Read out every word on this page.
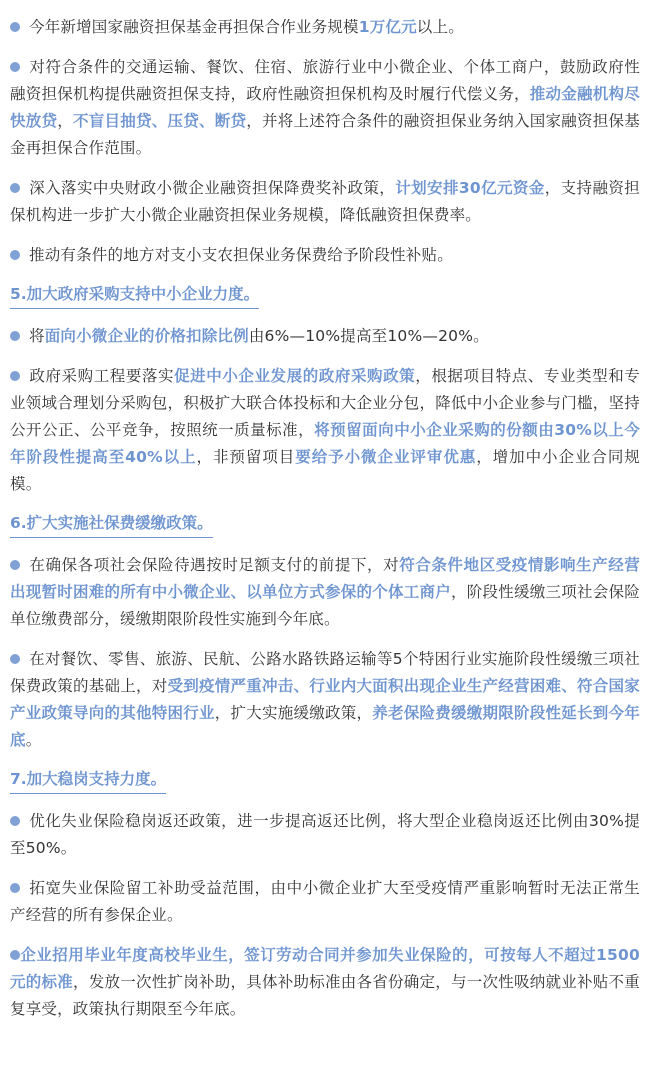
今年新增国家融资担保基金再担保合作业务规模1万亿元以上。

对符合条件的交通运输、餐饮、住宿、旅游行业中小微企业、个体工商户，鼓励政府性融资担保机构提供融资担保支持，政府性融资担保机构及时履行代偿义务，推动金融机构尽快放贷，不盲目抽贷、压贷、断贷，并将上述符合条件的融资担保业务纳入国家融资担保基金再担保合作范围。

深入落实中央财政小微企业融资担保降费奖补政策，计划安排30亿元资金，支持融资担保机构进一步扩大小微企业融资担保业务规模，降低融资担保费率。

推动有条件的地方对支小支农担保业务保费给予阶段性补贴。

5.加大政府采购支持中小企业力度。

将面向小微企业的价格扣除比例由6%—10%提高至10%—20%。

政府采购工程要落实促进中小企业发展的政府采购政策，根据项目特点、专业类型和专业领域合理划分采购包，积极扩大联合体投标和大企业分包，降低中小企业参与门槛，坚持公开公正、公平竞争，按照统一质量标准，将预留面向中小企业采购的份额由30%以上今年阶段性提高至40%以上，非预留项目要给予小微企业评审优惠，增加中小企业合同规模。

6.扩大实施社保费缓缴政策。

在确保各项社会保险待遇按时足额支付的前提下，对符合条件地区受疫情影响生产经营出现暂时困难的所有中小微企业、以单位方式参保的个体工商户，阶段性缓缴三项社会保险单位缴费部分，缓缴期限阶段性实施到今年底。

在对餐饮、零售、旅游、民航、公路水路铁路运输等5个特困行业实施阶段性缓缴三项社保费政策的基础上，对受到疫情严重冲击、行业内大面积出现企业生产经营困难、符合国家产业政策导向的其他特困行业，扩大实施缓缴政策，养老保险费缓缴期限阶段性延长到今年底。

7.加大稳岗支持力度。

优化失业保险稳岗返还政策，进一步提高返还比例，将大型企业稳岗返还比例由30%提至50%。

拓宽失业保险留工补助受益范围，由中小微企业扩大至受疫情严重影响暂时无法正常生产经营的所有参保企业。

企业招用毕业年度高校毕业生，签订劳动合同并参加失业保险的，可按每人不超过1500元的标准，发放一次性扩岗补助，具体补助标准由各省份确定，与一次性吸纳就业补贴不重复享受，政策执行期限至今年底。
